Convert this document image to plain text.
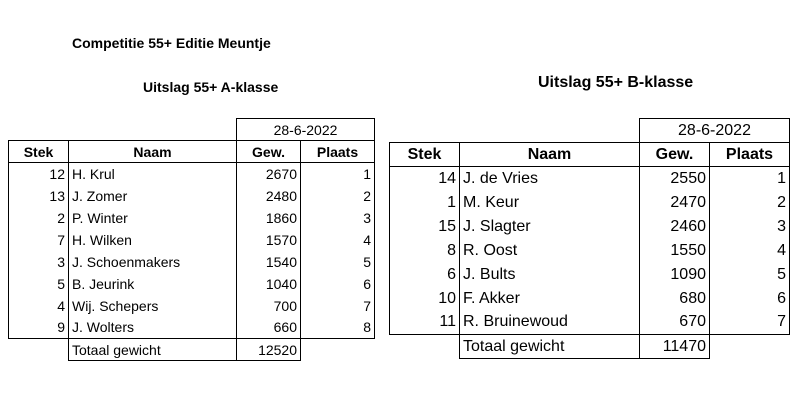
Competitie 55+ Editie Meuntje
Uitslag 55+ A-klasse	Uitslag 55+ B-klasse
		28-6-2022	
Stek	Naam	Gew.	Plaats
12	H. Krul	2670	1
13	J. Zomer	2480	2
2	P. Winter	1860	3
7	H. Wilken	1570	4
3	J. Schoenmakers	1540	5
5	B. Jeurink	1040	6
4	Wij. Schepers	700	7
9	J. Wolters	660	8
	Totaal gewicht	12520	
		28-6-2022	
Stek	Naam	Gew.	Plaats
14	J. de Vries	2550	1
1	M. Keur	2470	2
15	J. Slagter	2460	3
8	R. Oost	1550	4
6	J. Bults	1090	5
10	F. Akker	680	6
11	R. Bruinewoud	670	7
	Totaal gewicht	11470	
